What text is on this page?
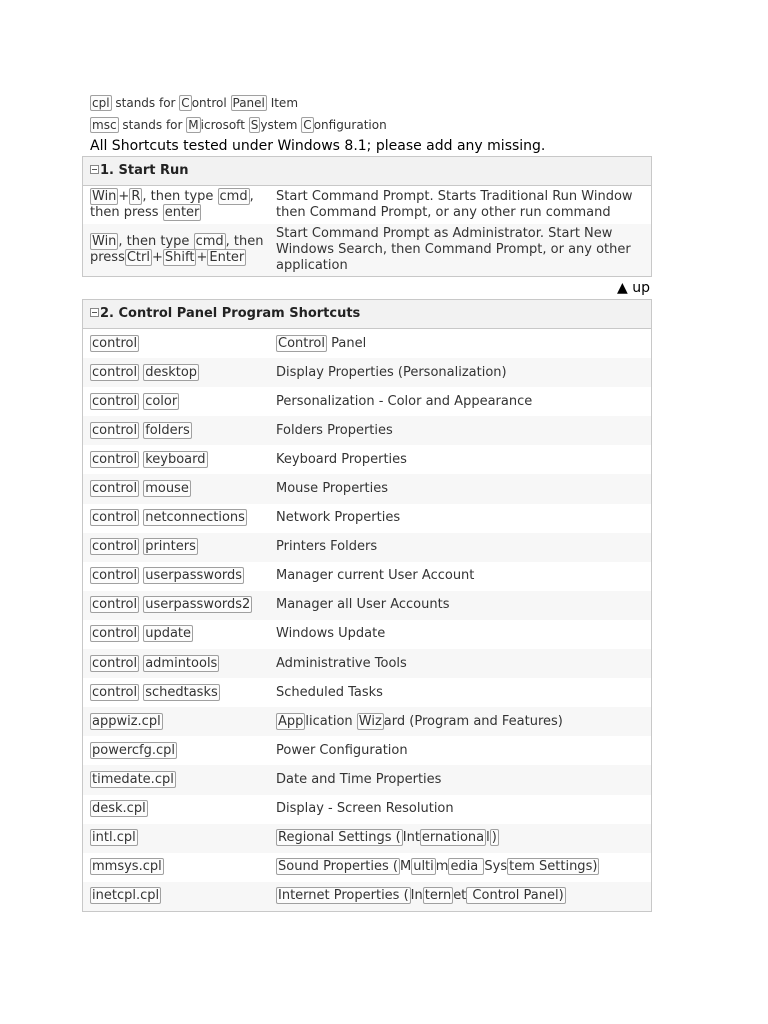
cpl stands for C ontrol Panel Item
msc stands for M icrosoft S ystem C onfiguration
All Shortcuts tested under Windows 8.1; please add any missing.
1. Start Run
Win + R , then type cmd , then press enter	Start Command Prompt. Starts Traditional Run Window then Command Prompt, or any other run command
Win , then type cmd , then press Ctrl + Shift + Enter	Start Command Prompt as Administrator. Start New Windows Search, then Command Prompt, or any other application
▲ up
2. Control Panel Program Shortcuts
control	Control Panel
control desktop	Display Properties (Personalization)
control color	Personalization - Color and Appearance
control folders	Folders Properties
control keyboard	Keyboard Properties
control mouse	Mouse Properties
control netconnections	Network Properties
control printers	Printers Folders
control userpasswords	Manager current User Account
control userpasswords2	Manager all User Accounts
control update	Windows Update
control admintools	Administrative Tools
control schedtasks	Scheduled Tasks
appwiz.cpl	App lication Wiz ard (Program and Features)
powercfg.cpl	Power Configuration
timedate.cpl	Date and Time Properties
desk.cpl	Display - Screen Resolution
intl.cpl	Regional Settings ( Int ernationa l )
mmsys.cpl	Sound Properties ( M ulti m edia Sys tem Settings)
inetcpl.cpl	Internet Properties ( In tern et Control Panel)
